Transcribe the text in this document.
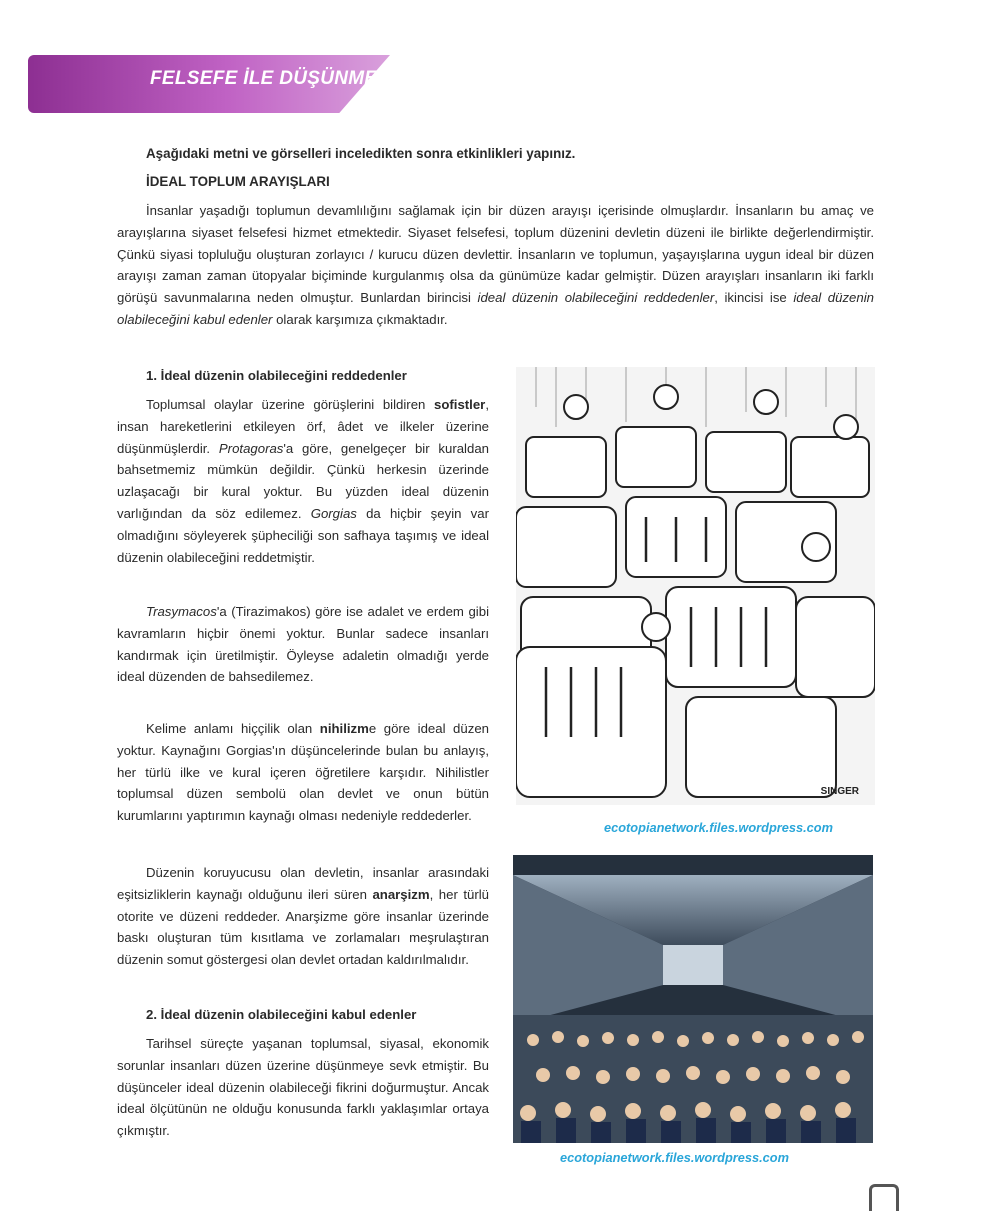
FELSEFE İLE DÜŞÜNME
Aşağıdaki metni ve görselleri inceledikten sonra etkinlikleri yapınız.
İDEAL TOPLUM ARAYIŞLARI
İnsanlar yaşadığı toplumun devamlılığını sağlamak için bir düzen arayışı içerisinde olmuşlardır. İnsanların bu amaç ve arayışlarına siyaset felsefesi hizmet etmektedir. Siyaset felsefesi, toplum düzenini devletin düzeni ile birlikte değerlendirmiştir. Çünkü siyasi topluluğu oluşturan zorlayıcı / kurucu düzen devlettir. İnsanların ve toplumun, yaşayışlarına uygun ideal bir düzen arayışı zaman zaman ütopyalar biçiminde kurgulanmış olsa da günümüze kadar gelmiştir. Düzen arayışları insanların iki farklı görüşü savunmalarına neden olmuştur. Bunlardan birincisi ideal düzenin olabileceğini reddedenler, ikincisi ise ideal düzenin olabileceğini kabul edenler olarak karşımıza çıkmaktadır.
1. İdeal düzenin olabileceğini reddedenler
Toplumsal olaylar üzerine görüşlerini bildiren sofistler, insan hareketlerini etkileyen örf, âdet ve ilkeler üzerine düşünmüşlerdir. Protagoras'a göre, genelgeçer bir kuraldan bahsetmemiz mümkün değildir. Çünkü herkesin üzerinde uzlaşacağı bir kural yoktur. Bu yüzden ideal düzenin varlığından da söz edilemez. Gorgias da hiçbir şeyin var olmadığını söyleyerek şüpheciliği son safhaya taşımış ve ideal düzenin olabileceğini reddetmiştir.
Trasymacos'a (Tirazimakos) göre ise adalet ve erdem gibi kavramların hiçbir önemi yoktur. Bunlar sadece insanları kandırmak için üretilmiştir. Öyleyse adaletin olmadığı yerde ideal düzenden de bahsedilemez.
Kelime anlamı hiççilik olan nihilizme göre ideal düzen yoktur. Kaynağını Gorgias'ın düşüncelerinde bulan bu anlayış, her türlü ilke ve kural içeren öğretilere karşıdır. Nihilistler toplumsal düzen sembolü olan devlet ve onun bütün kurumlarını yaptırımın kaynağı olması nedeniyle reddederler.
Düzenin koruyucusu olan devletin, insanlar arasındaki eşitsizliklerin kaynağı olduğunu ileri süren anarşizm, her türlü otorite ve düzeni reddeder. Anarşizme göre insanlar üzerinde baskı oluşturan tüm kısıtlama ve zorlamaları meşrulaştıran düzenin somut göstergesi olan devlet ortadan kaldırılmalıdır.
2. İdeal düzenin olabileceğini kabul edenler
Tarihsel süreçte yaşanan toplumsal, siyasal, ekonomik sorunlar insanları düzen üzerine düşünmeye sevk etmiştir. Bu düşünceler ideal düzenin olabileceği fikrini doğurmuştur. Ancak ideal ölçütünün ne olduğu konusunda farklı yaklaşımlar ortaya çıkmıştır.
SINGER
ecotopianetwork.files.wordpress.com
ecotopianetwork.files.wordpress.com
